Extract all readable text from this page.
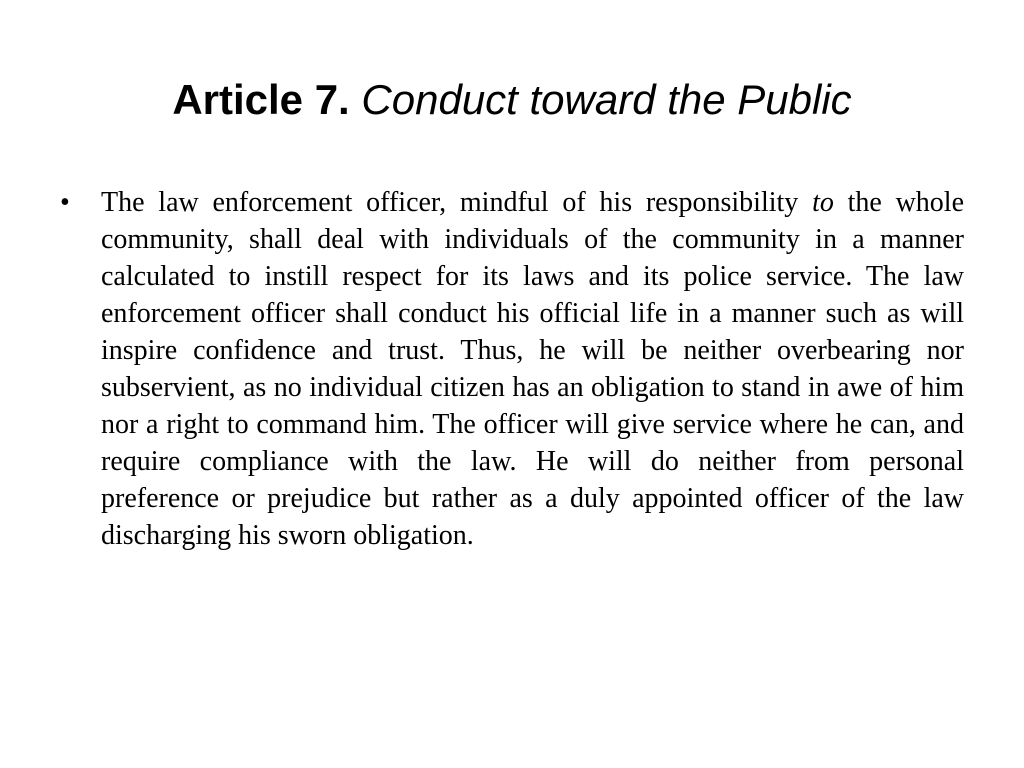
Article 7. Conduct toward the Public
•	The law enforcement officer, mindful of his responsibility to the whole community, shall deal with individuals of the community in a manner calculated to instill respect for its laws and its police service. The law enforcement officer shall conduct his official life in a manner such as will inspire confidence and trust. Thus, he will be neither overbearing nor subservient, as no individual citizen has an obligation to stand in awe of him nor a right to command him. The officer will give service where he can, and require compliance with the law. He will do neither from personal preference or prejudice but rather as a duly appointed officer of the law discharging his sworn obligation.
